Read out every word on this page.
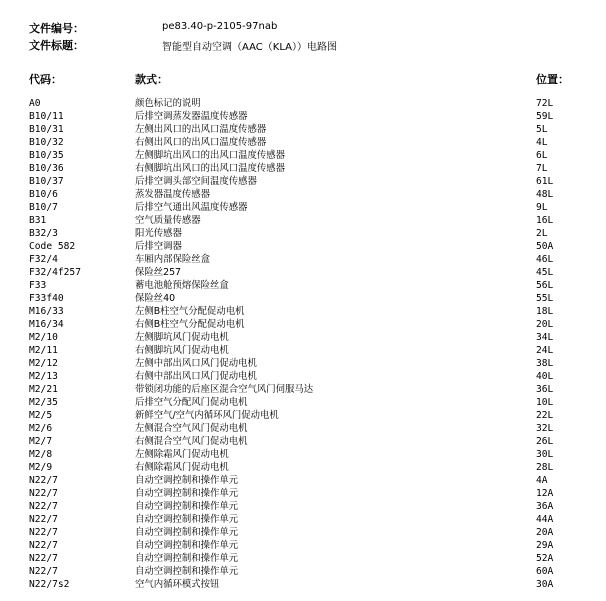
文件编号：	pe83.40-p-2105-97nab
文件标题：	智能型自动空调（AAC（KLA））电路图
代码：	款式：	位置：
A0	颜色标记的说明	72L
B10/11	后排空调蒸发器温度传感器	59L
B10/31	左侧出风口的出风口温度传感器	5L
B10/32	右侧出风口的出风口温度传感器	4L
B10/35	左侧脚坑出风口的出风口温度传感器	6L
B10/36	右侧脚坑出风口的出风口温度传感器	7L
B10/37	后排空调头部空间温度传感器	61L
B10/6	蒸发器温度传感器	48L
B10/7	后排空气通出风温度传感器	9L
B31	空气质量传感器	16L
B32/3	阳光传感器	2L
Code 582	后排空调器	50A
F32/4	车厢内部保险丝盒	46L
F32/4f257	保险丝257	45L
F33	蓄电池舱预熔保险丝盒	56L
F33f40	保险丝40	55L
M16/33	左侧B柱空气分配促动电机	18L
M16/34	右侧B柱空气分配促动电机	20L
M2/10	左侧脚坑风门促动电机	34L
M2/11	右侧脚坑风门促动电机	24L
M2/12	左侧中部出风口风门促动电机	38L
M2/13	右侧中部出风口风门促动电机	40L
M2/21	带锁闭功能的后座区混合空气风门伺服马达	36L
M2/35	后排空气分配风门促动电机	10L
M2/5	新鲜空气/空气内循环风门促动电机	22L
M2/6	左侧混合空气风门促动电机	32L
M2/7	右侧混合空气风门促动电机	26L
M2/8	左侧除霜风门促动电机	30L
M2/9	右侧除霜风门促动电机	28L
N22/7	自动空调控制和操作单元	4A
N22/7	自动空调控制和操作单元	12A
N22/7	自动空调控制和操作单元	36A
N22/7	自动空调控制和操作单元	44A
N22/7	自动空调控制和操作单元	20A
N22/7	自动空调控制和操作单元	29A
N22/7	自动空调控制和操作单元	52A
N22/7	自动空调控制和操作单元	60A
N22/7s2	空气内循环模式按钮	30A
